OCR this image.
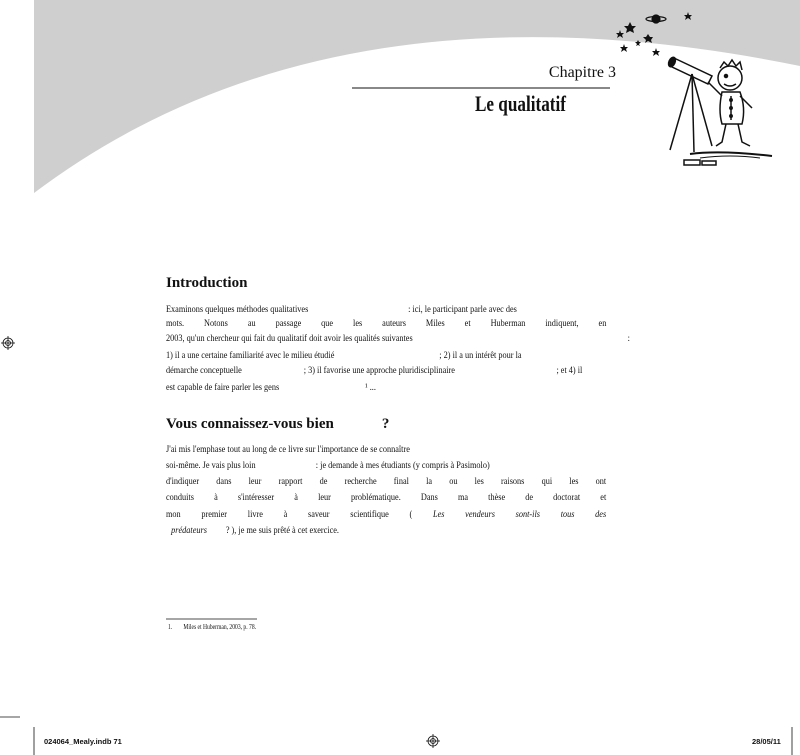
Chapitre 3
Le qualitatif
Introduction
Examinons quelques méthodes qualitatives	: ici, le participant parle avec des
mots. Notons au passage que les auteurs Miles et Huberman indiquent, en
2003, qu'un chercheur qui fait du qualitatif doit avoir les qualités suivantes	:
1) il a une certaine familiarité avec le milieu étudié	; 2) il a un intérêt pour la
démarche conceptuelle	; 3) il favorise une approche pluridisciplinaire	; et 4) il
est capable de faire parler les gens	¹ ...
Vous connaissez-vous bien	?
J'ai mis l'emphase tout au long de ce livre sur l'importance de se connaître
soi-même. Je vais plus loin	: je demande à mes étudiants (y compris à Pasimolo)
d'indiquer dans leur rapport de recherche final la ou les raisons qui les ont
conduits à s'intéresser à leur problématique. Dans ma thèse de doctorat et
mon premier livre à saveur scientifique ( Les vendeurs sont-ils tous des
prédateurs ? ), je me suis prêté à cet exercice.
1. Miles et Huberman, 2003, p. 78.
024064_Mealy.indb 71	28/05/11
